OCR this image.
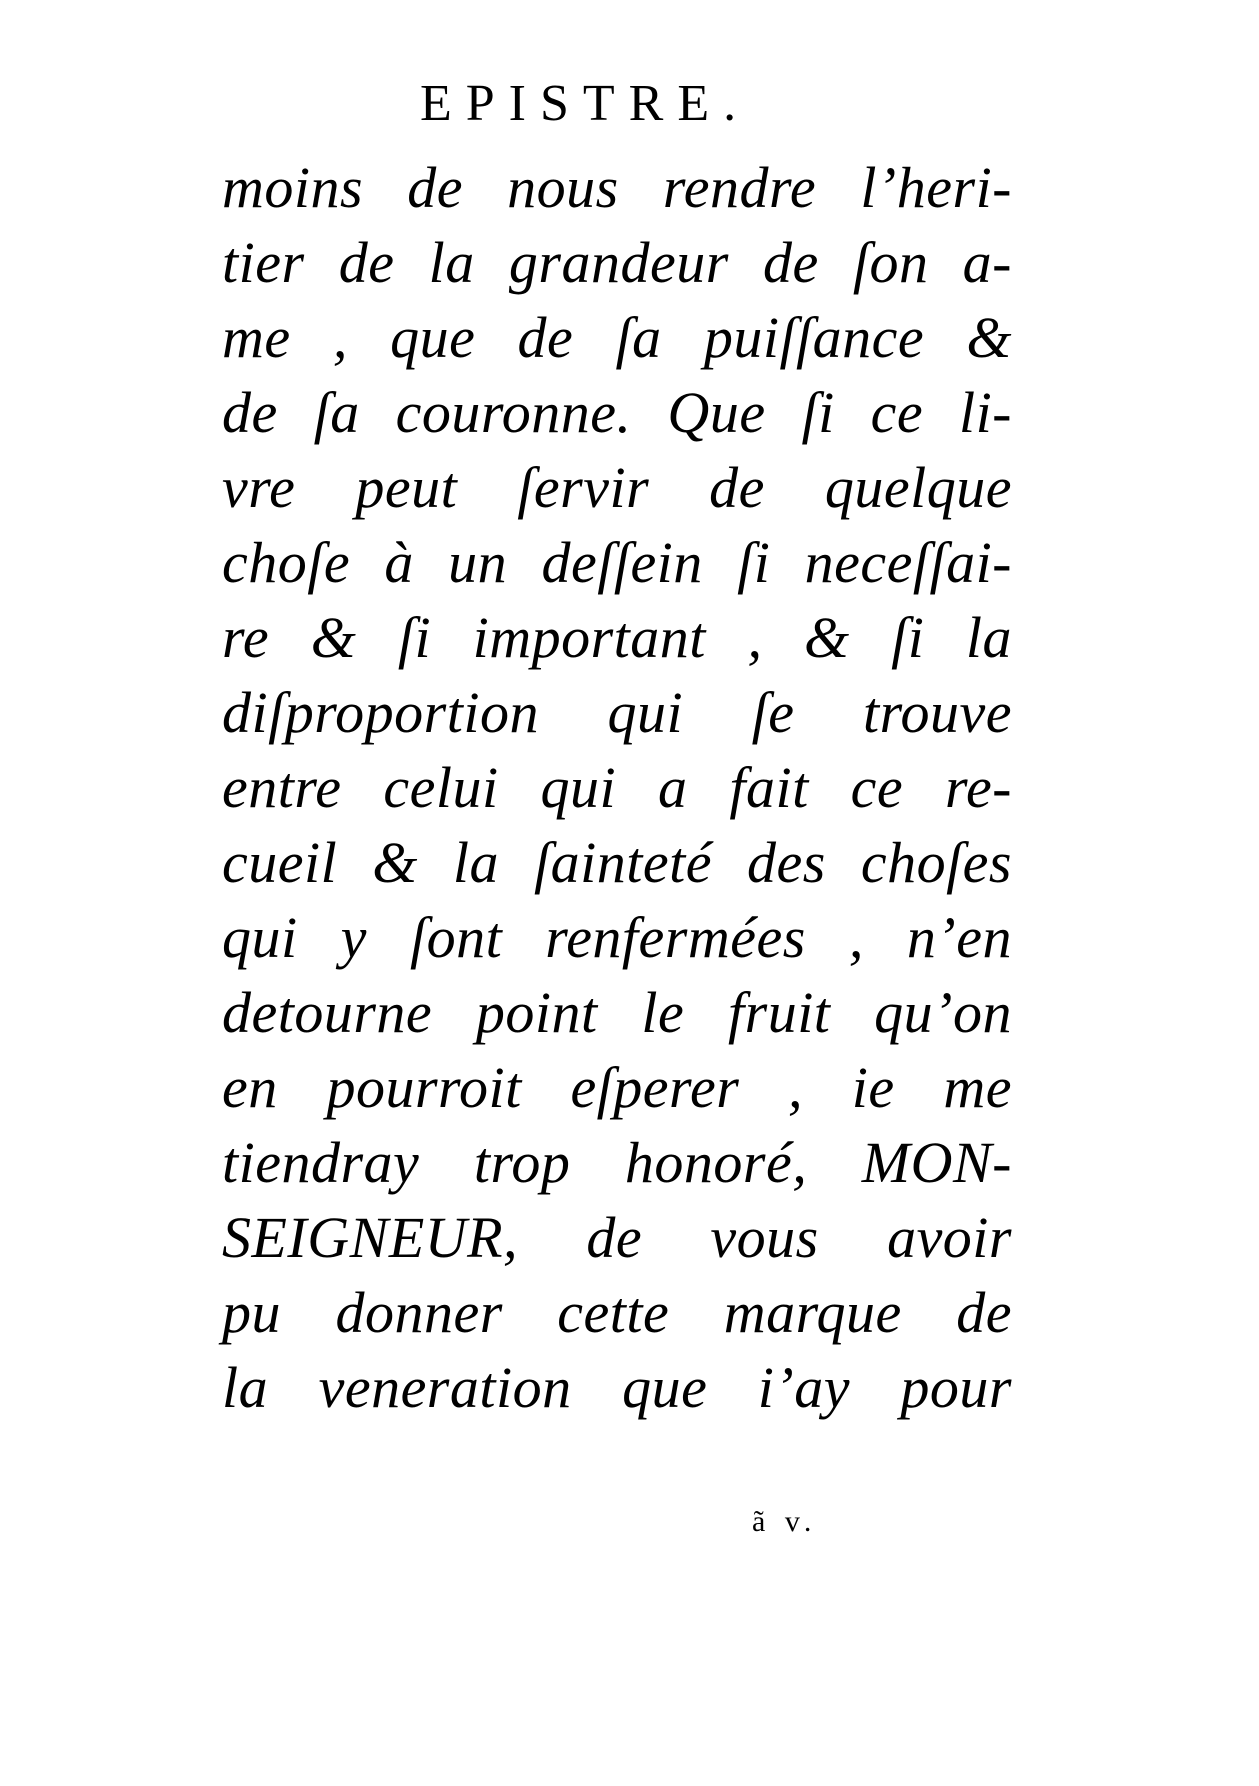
EPISTRE.
moins de nous rendre l’heri-
tier de la grandeur de ſon a-
me , que de ſa puiſſance &
de ſa couronne. Que ſi ce li-
vre peut ſervir de quelque
choſe à un deſſein ſi neceſſai-
re & ſi important , & ſi la
diſproportion qui ſe trouve
entre celui qui a fait ce re-
cueil & la ſainteté des choſes
qui y ſont renfermées , n’en
detourne point le fruit qu’on
en pourroit eſperer , ie me
tiendray trop honoré, MON-
SEIGNEUR, de vous avoir
pu donner cette marque de
la veneration que i’ay pour
ã v.
